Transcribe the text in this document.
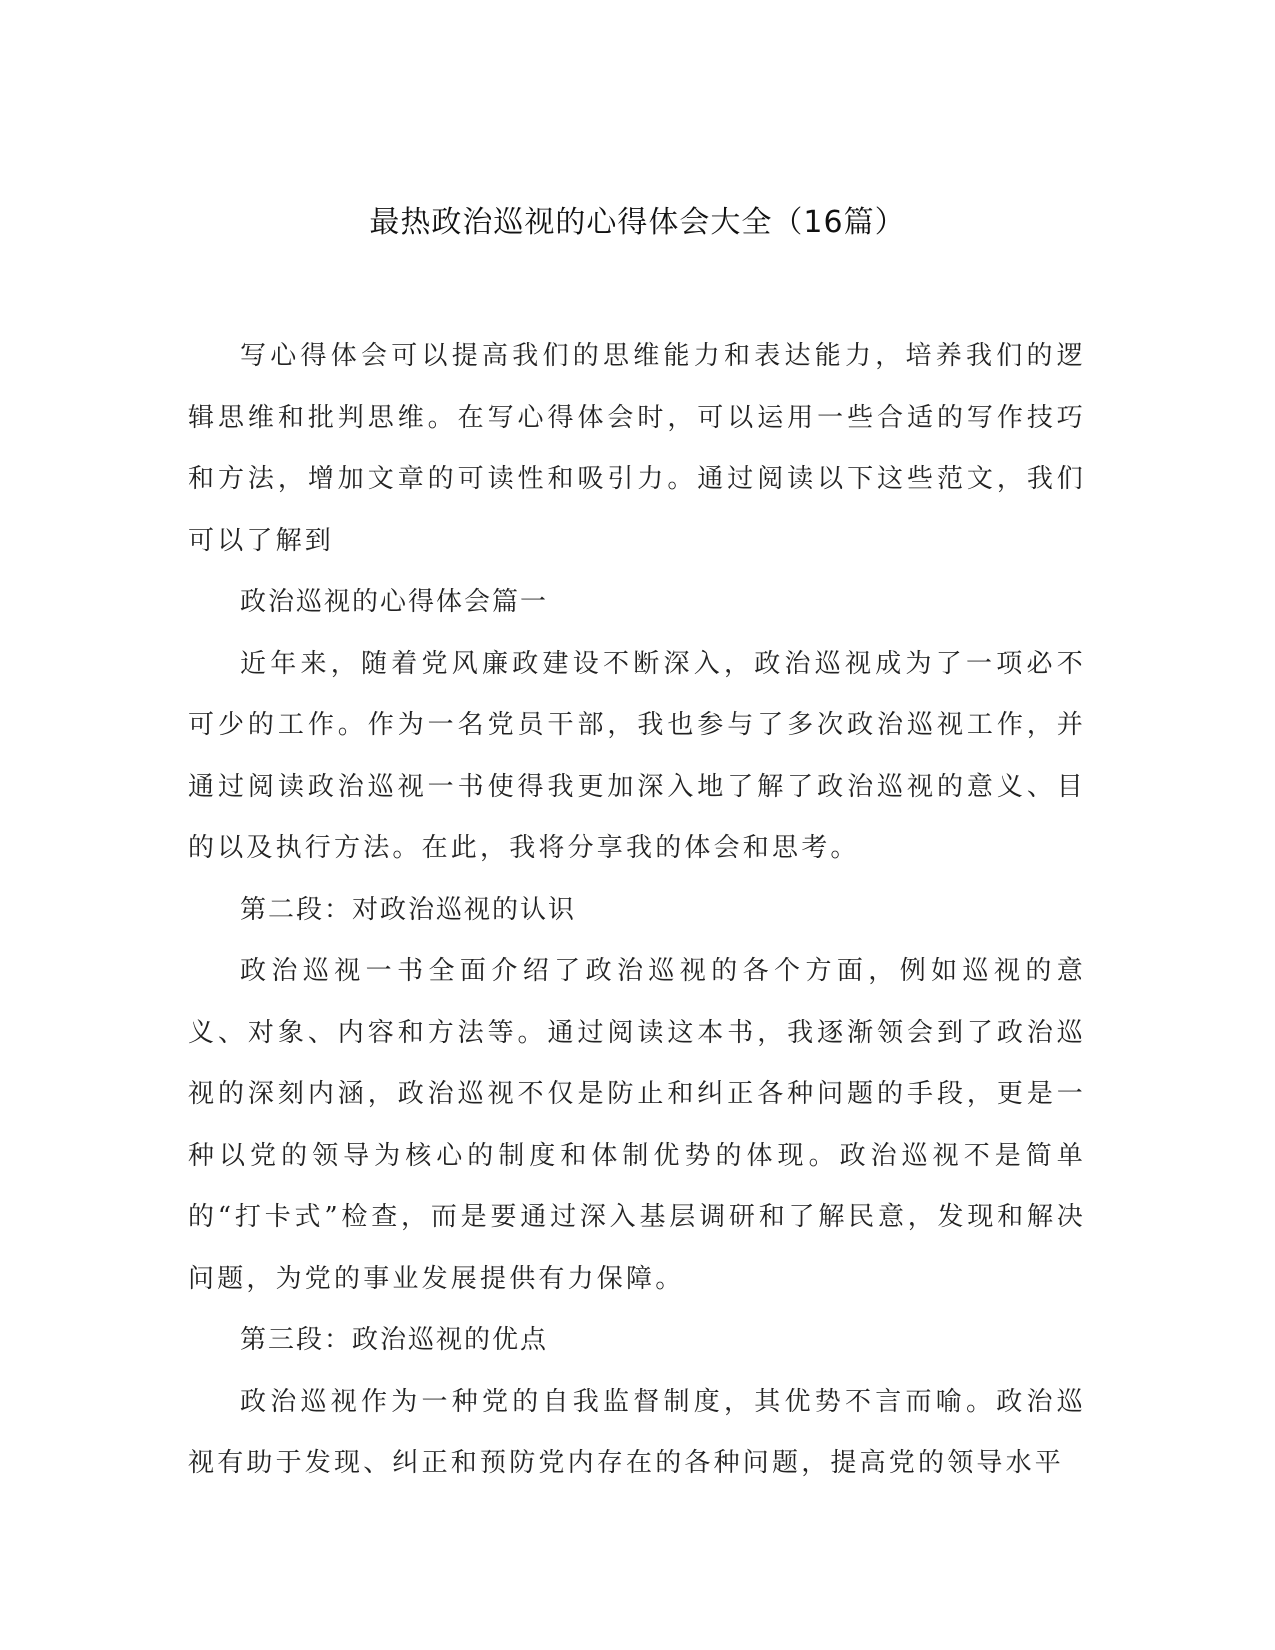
最热政治巡视的心得体会大全（16篇）

写心得体会可以提高我们的思维能力和表达能力，培养我们的逻辑思维和批判思维。在写心得体会时，可以运用一些合适的写作技巧和方法，增加文章的可读性和吸引力。通过阅读以下这些范文，我们可以了解到

政治巡视的心得体会篇一

近年来，随着党风廉政建设不断深入，政治巡视成为了一项必不可少的工作。作为一名党员干部，我也参与了多次政治巡视工作，并通过阅读政治巡视一书使得我更加深入地了解了政治巡视的意义、目的以及执行方法。在此，我将分享我的体会和思考。

第二段：对政治巡视的认识

政治巡视一书全面介绍了政治巡视的各个方面，例如巡视的意义、对象、内容和方法等。通过阅读这本书，我逐渐领会到了政治巡视的深刻内涵，政治巡视不仅是防止和纠正各种问题的手段，更是一种以党的领导为核心的制度和体制优势的体现。政治巡视不是简单的“打卡式”检查，而是要通过深入基层调研和了解民意，发现和解决问题，为党的事业发展提供有力保障。

第三段：政治巡视的优点

政治巡视作为一种党的自我监督制度，其优势不言而喻。政治巡视有助于发现、纠正和预防党内存在的各种问题，提高党的领导水平
